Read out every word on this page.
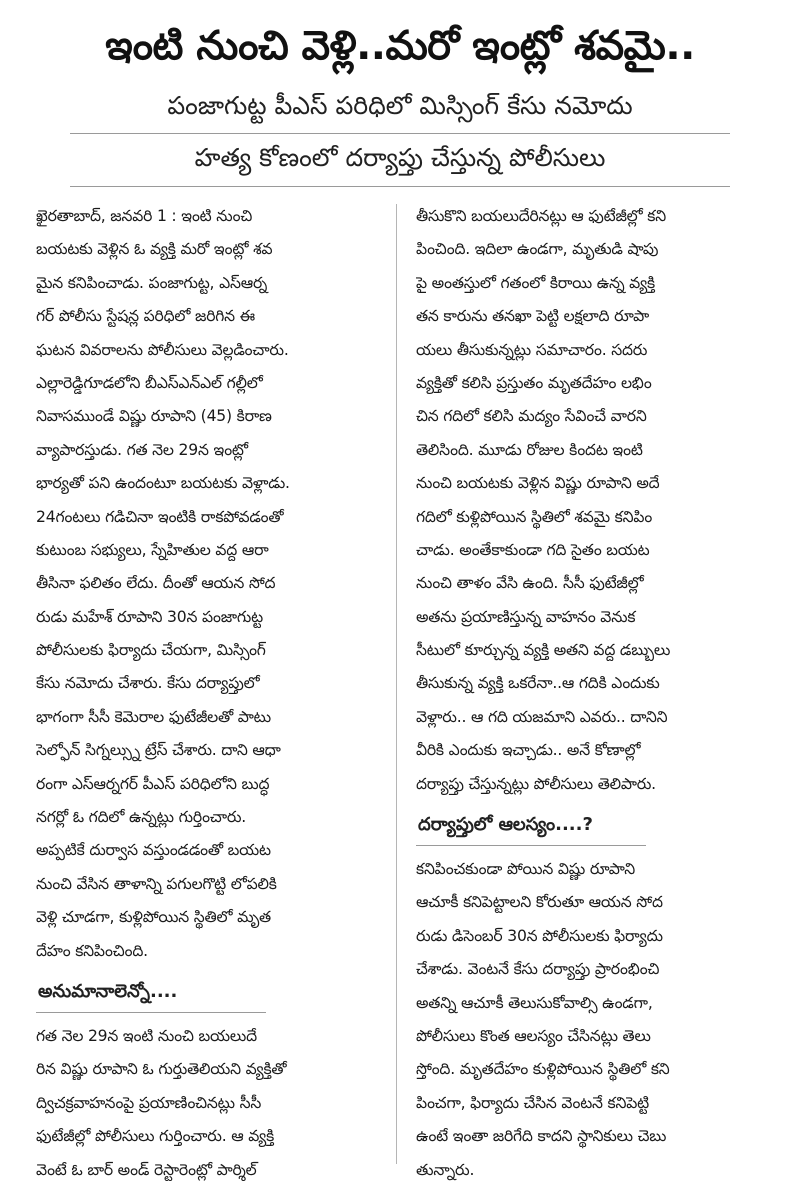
ఇంటి నుంచి వెళ్లి..మరో ఇంట్లో శవమై..
పంజాగుట్ట పీఎస్ పరిధిలో మిస్సింగ్ కేసు నమోదు
హత్య కోణంలో దర్యాప్తు చేస్తున్న పోలీసులు
ఖైరతాబాద్, జనవరి 1 : ఇంటి నుంచి
బయటకు వెళ్లిన ఓ వ్యక్తి మరో ఇంట్లో శవ
మైన కనిపించాడు. పంజాగుట్ట, ఎస్ఆర్న
గర్ పోలీసు స్టేషన్ల పరిధిలో జరిగిన ఈ
ఘటన వివరాలను పోలీసులు వెల్లడించారు.
ఎల్లారెడ్డిగూడలోని బీఎస్ఎన్ఎల్ గల్లీలో
నివాసముండే విష్ణు రూపాని (45) కిరాణ
వ్యాపారస్తుడు. గత నెల 29న ఇంట్లో
భార్యతో పని ఉందంటూ బయటకు వెళ్లాడు.
24గంటలు గడిచినా ఇంటికి రాకపోవడంతో
కుటుంబ సభ్యులు, స్నేహితుల వద్ద ఆరా
తీసినా ఫలితం లేదు. దీంతో ఆయన సోద
రుడు మహేశ్ రూపాని 30న పంజాగుట్ట
పోలీసులకు ఫిర్యాదు చేయగా, మిస్సింగ్
కేసు నమోదు చేశారు. కేసు దర్యాప్తులో
భాగంగా సీసీ కెమెరాల ఫుటేజీలతో పాటు
సెల్ఫోన్ సిగ్నల్స్ను ట్రేస్ చేశారు. దాని ఆధా
రంగా ఎస్ఆర్నగర్ పీఎస్ పరిధిలోని బుద్ధ
నగర్లో ఓ గదిలో ఉన్నట్లు గుర్తించారు.
అప్పటికే దుర్వాస వస్తుండడంతో బయట
నుంచి వేసిన తాళాన్ని పగులగొట్టి లోపలికి
వెళ్లి చూడగా, కుళ్లిపోయిన స్థితిలో మృత
దేహం కనిపించింది.
అనుమానాలెన్నో....
గత నెల 29న ఇంటి నుంచి బయలుదే
రిన విష్ణు రూపాని ఓ గుర్తుతెలియని వ్యక్తితో
ద్విచక్రవాహనంపై ప్రయాణించినట్లు సీసీ
ఫుటేజీల్లో పోలీసులు గుర్తించారు. ఆ వ్యక్తి
వెంటే ఓ బార్ అండ్ రెస్టారెంట్లో పార్శిల్
తీసుకొని బయలుదేరినట్లు ఆ ఫుటేజీల్లో కని
పించింది. ఇదిలా ఉండగా, మృతుడి షాపు
పై అంతస్తులో గతంలో కిరాయి ఉన్న వ్యక్తి
తన కారును తనఖా పెట్టి లక్షలాది రూపా
యలు తీసుకున్నట్లు సమాచారం. సదరు
వ్యక్తితో కలిసి ప్రస్తుతం మృతదేహం లభిం
చిన గదిలో కలిసి మద్యం సేవించే వారని
తెలిసింది. మూడు రోజుల కిందట ఇంటి
నుంచి బయటకు వెళ్లిన విష్ణు రూపాని అదే
గదిలో కుళ్లిపోయిన స్థితిలో శవమై కనిపిం
చాడు. అంతేకాకుండా గది సైతం బయట
నుంచి తాళం వేసి ఉంది. సీసీ ఫుటేజీల్లో
అతను ప్రయాణిస్తున్న వాహనం వెనుక
సీటులో కూర్చున్న వ్యక్తి అతని వద్ద డబ్బులు
తీసుకున్న వ్యక్తి ఒకరేనా..ఆ గదికి ఎందుకు
వెళ్లారు.. ఆ గది యజమాని ఎవరు.. దానిని
వీరికి ఎందుకు ఇచ్చాడు.. అనే కోణాల్లో
దర్యాప్తు చేస్తున్నట్లు పోలీసులు తెలిపారు.
దర్యాప్తులో ఆలస్యం....?
కనిపించకుండా పోయిన విష్ణు రూపాని
ఆచూకీ కనిపెట్టాలని కోరుతూ ఆయన సోద
రుడు డిసెంబర్ 30న పోలీసులకు ఫిర్యాదు
చేశాడు. వెంటనే కేసు దర్యాప్తు ప్రారంభించి
అతన్ని ఆచూకీ తెలుసుకోవాల్సి ఉండగా,
పోలీసులు కొంత ఆలస్యం చేసినట్లు తెలు
స్తోంది. మృతదేహం కుళ్లిపోయిన స్థితిలో కని
పించగా, ఫిర్యాదు చేసిన వెంటనే కనిపెట్టి
ఉంటే ఇంతా జరిగేది కాదని స్థానికులు చెబు
తున్నారు.
